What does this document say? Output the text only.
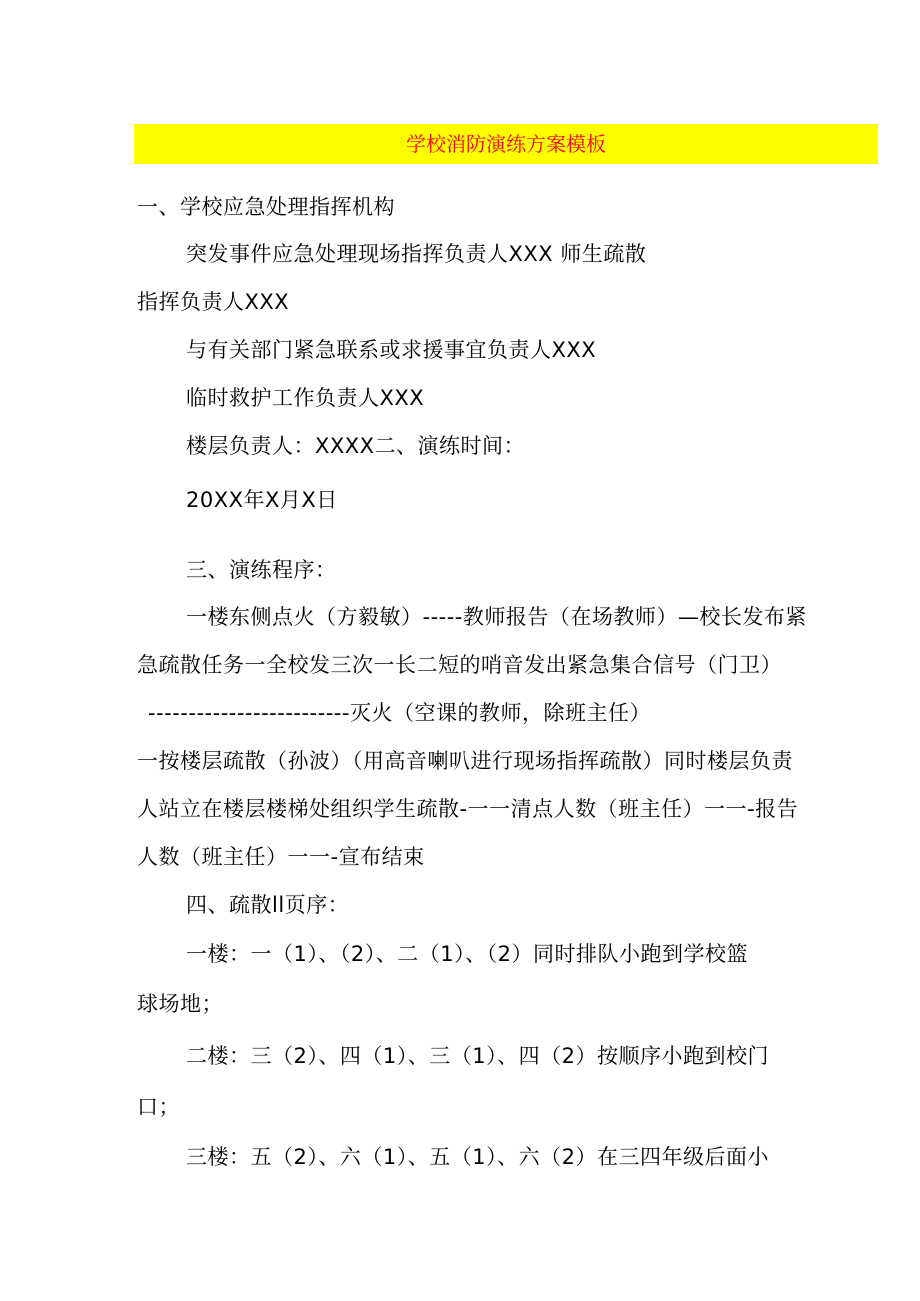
学校消防演练方案模板
一、学校应急处理指挥机构
突发事件应急处理现场指挥负责人XXX 师生疏散
指挥负责人XXX
与有关部门紧急联系或求援事宜负责人XXX
临时救护工作负责人XXX
楼层负责人：XXXX二、演练时间：
20XX年X月X日
三、演练程序：
一楼东侧点火（方毅敏）-----教师报告（在场教师）—校长发布紧
急疏散任务一全校发三次一长二短的哨音发出紧急集合信号（门卫）
-------------------------灭火（空课的教师，除班主任）
一按楼层疏散（孙波）（用高音喇叭进行现场指挥疏散）同时楼层负责
人站立在楼层楼梯处组织学生疏散-一一清点人数（班主任）一一-报告
人数（班主任）一一-宣布结束
四、疏散ll页序：
一楼：一（1）、（2）、二（1）、（2）同时排队小跑到学校篮
球场地；
二楼：三（2）、四（1）、三（1）、四（2）按顺序小跑到校门
口；
三楼：五（2）、六（1）、五（1）、六（2）在三四年级后面小
